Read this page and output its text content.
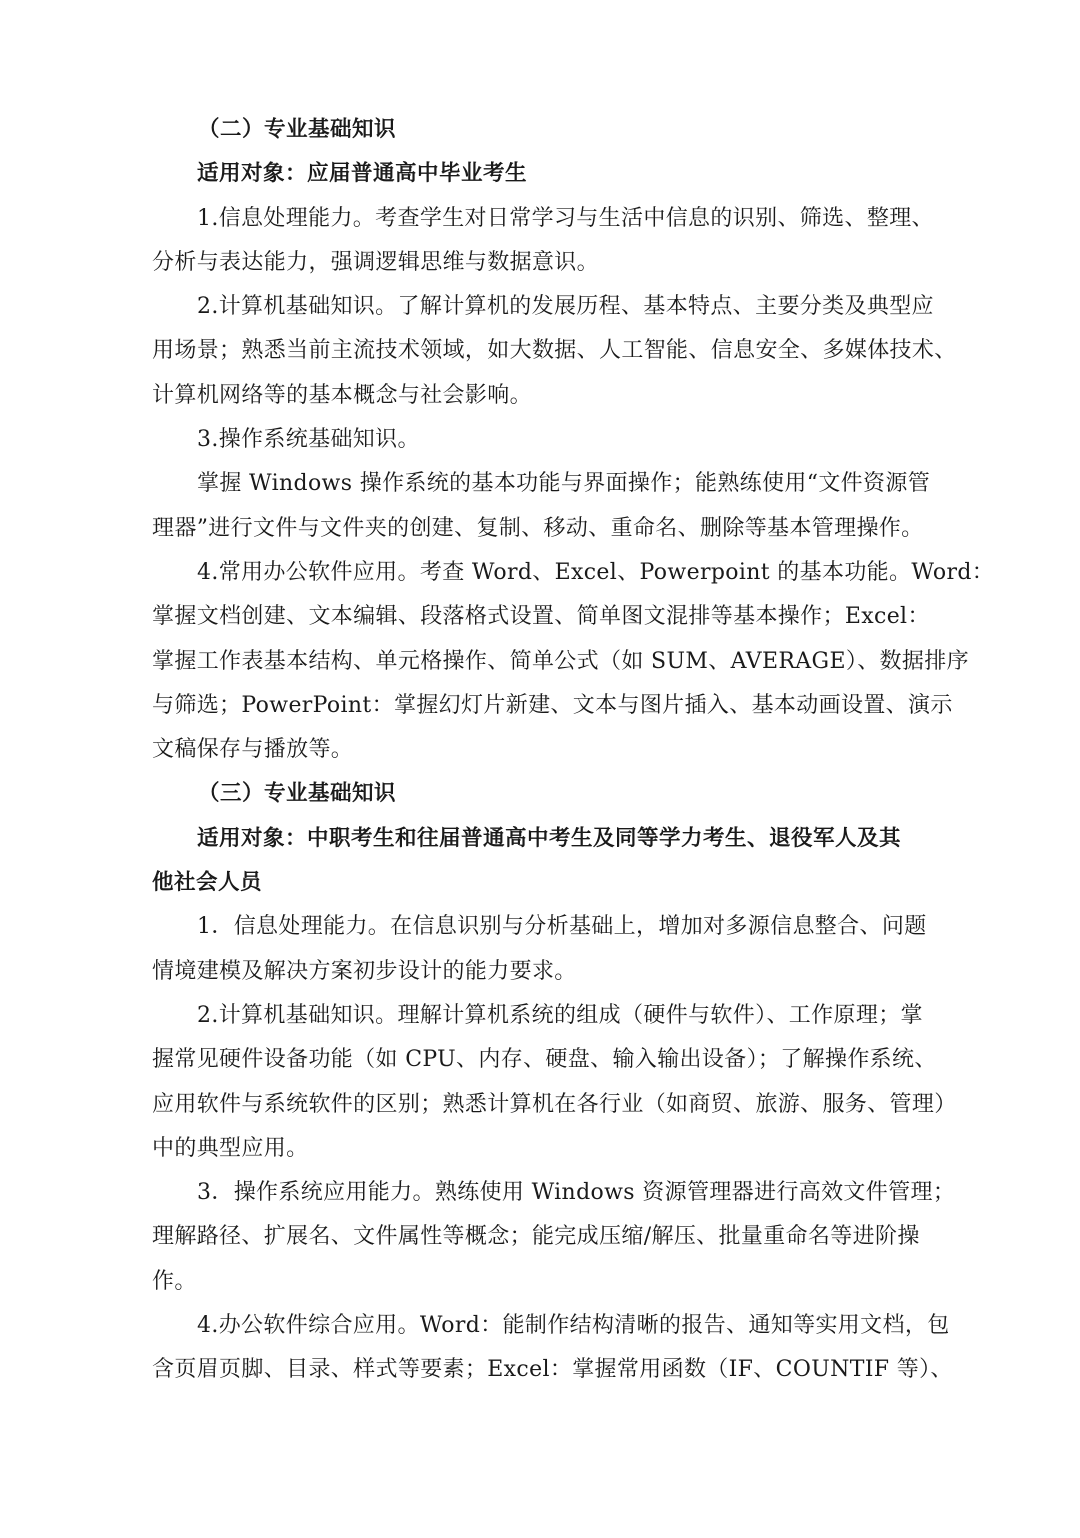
（二）专业基础知识
适用对象：应届普通高中毕业考生
1.信息处理能力。考查学生对日常学习与生活中信息的识别、筛选、整理、
分析与表达能力，强调逻辑思维与数据意识。
2.计算机基础知识。了解计算机的发展历程、基本特点、主要分类及典型应
用场景；熟悉当前主流技术领域，如大数据、人工智能、信息安全、多媒体技术、
计算机网络等的基本概念与社会影响。
3.操作系统基础知识。
掌握 Windows 操作系统的基本功能与界面操作；能熟练使用“文件资源管
理器”进行文件与文件夹的创建、复制、移动、重命名、删除等基本管理操作。
4.常用办公软件应用。考查 Word、Excel、Powerpoint 的基本功能。Word：
掌握文档创建、文本编辑、段落格式设置、简单图文混排等基本操作；Excel：
掌握工作表基本结构、单元格操作、简单公式（如 SUM、AVERAGE）、数据排序
与筛选；PowerPoint：掌握幻灯片新建、文本与图片插入、基本动画设置、演示
文稿保存与播放等。
（三）专业基础知识
适用对象：中职考生和往届普通高中考生及同等学力考生、退役军人及其
他社会人员
1．信息处理能力。在信息识别与分析基础上，增加对多源信息整合、问题
情境建模及解决方案初步设计的能力要求。
2.计算机基础知识。理解计算机系统的组成（硬件与软件）、工作原理；掌
握常见硬件设备功能（如 CPU、内存、硬盘、输入输出设备）；了解操作系统、
应用软件与系统软件的区别；熟悉计算机在各行业（如商贸、旅游、服务、管理）
中的典型应用。
3．操作系统应用能力。熟练使用 Windows 资源管理器进行高效文件管理；
理解路径、扩展名、文件属性等概念；能完成压缩/解压、批量重命名等进阶操
作。
4.办公软件综合应用。Word：能制作结构清晰的报告、通知等实用文档，包
含页眉页脚、目录、样式等要素；Excel：掌握常用函数（IF、COUNTIF 等）、
